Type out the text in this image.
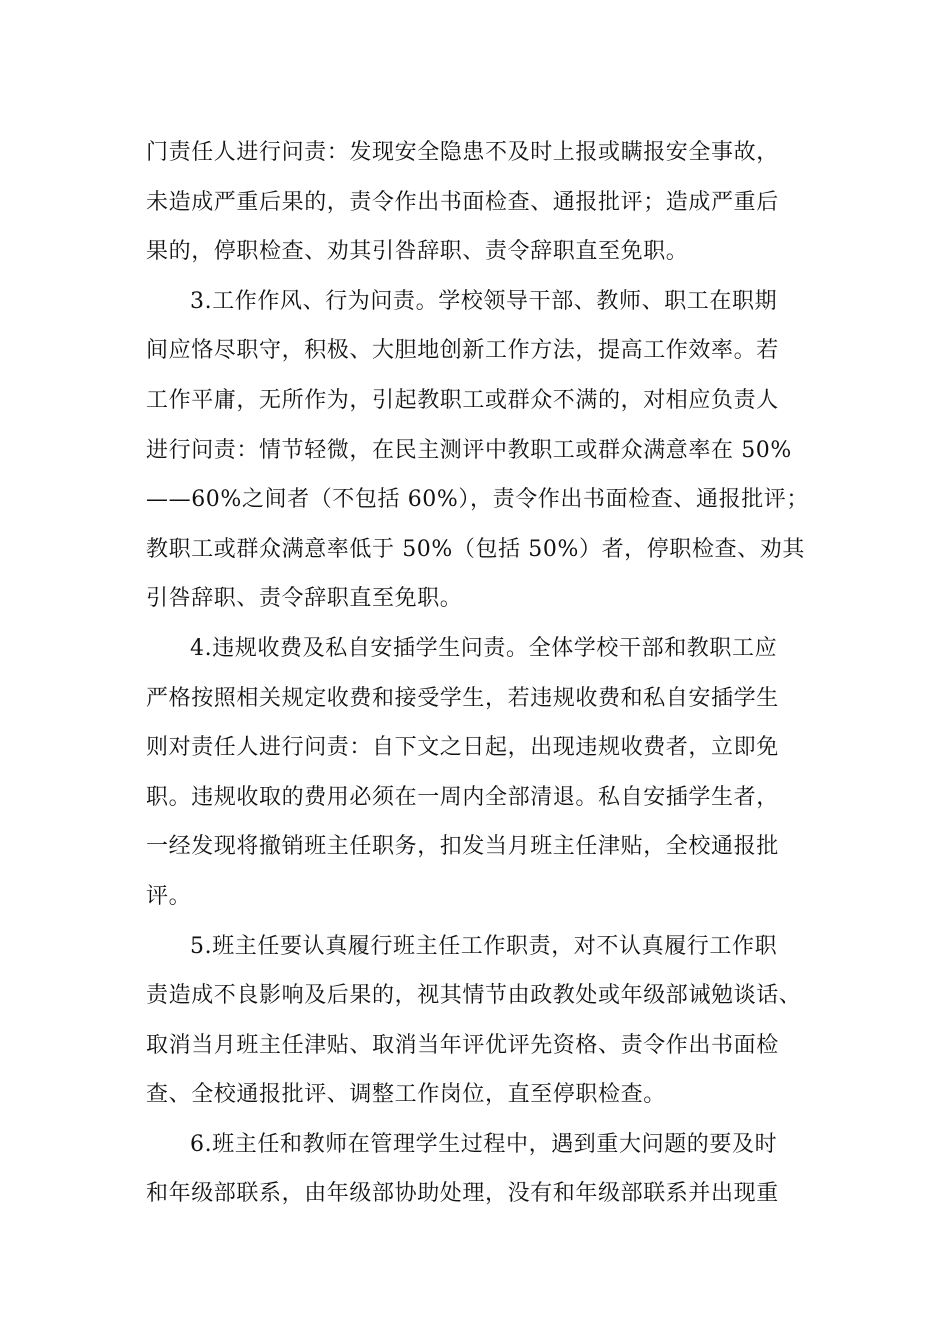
门责任人进行问责：发现安全隐患不及时上报或瞒报安全事故，
未造成严重后果的，责令作出书面检查、通报批评；造成严重后
果的，停职检查、劝其引咎辞职、责令辞职直至免职。
3.工作作风、行为问责。学校领导干部、教师、职工在职期
间应恪尽职守，积极、大胆地创新工作方法，提高工作效率。若
工作平庸，无所作为，引起教职工或群众不满的，对相应负责人
进行问责：情节轻微，在民主测评中教职工或群众满意率在 50%
——60%之间者（不包括 60%），责令作出书面检查、通报批评；
教职工或群众满意率低于 50%（包括 50%）者，停职检查、劝其
引咎辞职、责令辞职直至免职。
4.违规收费及私自安插学生问责。全体学校干部和教职工应
严格按照相关规定收费和接受学生，若违规收费和私自安插学生
则对责任人进行问责：自下文之日起，出现违规收费者，立即免
职。违规收取的费用必须在一周内全部清退。私自安插学生者，
一经发现将撤销班主任职务，扣发当月班主任津贴，全校通报批
评。
5.班主任要认真履行班主任工作职责，对不认真履行工作职
责造成不良影响及后果的，视其情节由政教处或年级部诫勉谈话、
取消当月班主任津贴、取消当年评优评先资格、责令作出书面检
查、全校通报批评、调整工作岗位，直至停职检查。
6.班主任和教师在管理学生过程中，遇到重大问题的要及时
和年级部联系，由年级部协助处理，没有和年级部联系并出现重
